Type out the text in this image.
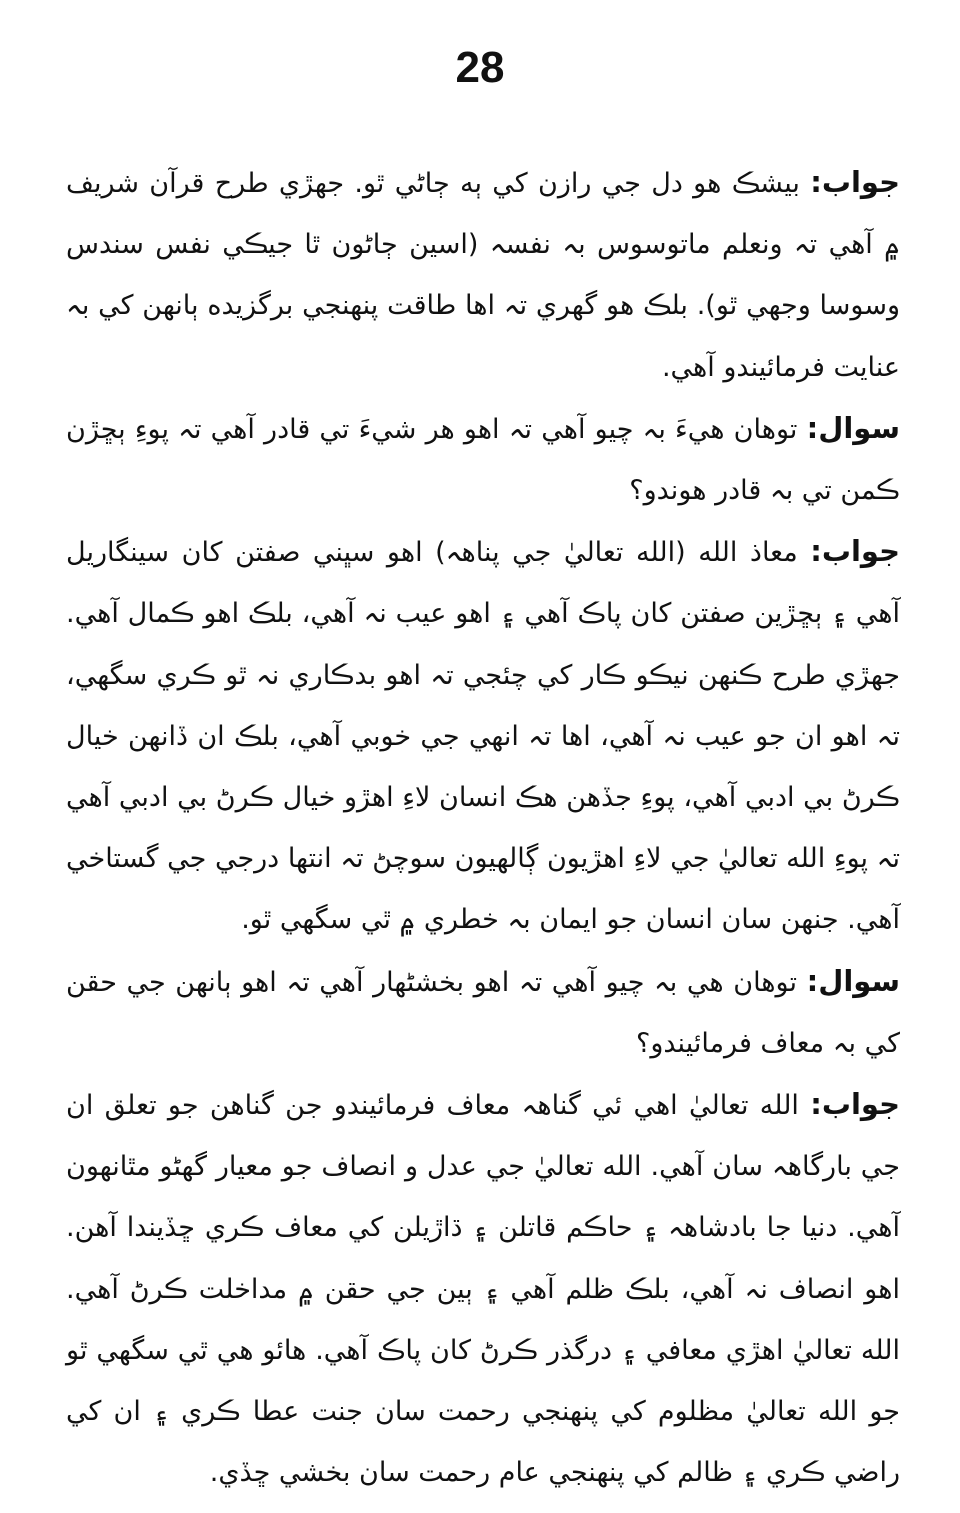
28

جواب: بيشڪ هو دل جي رازن کي ٻه ڄاڻي ٿو. جهڙي طرح قرآن شريف ۾ آهي تہ ونعلم ماتوسوس بہ نفسہ (اسين ڄاڻون ٿا جيڪي نفس سندس وسوسا وجهي ٿو). بلڪ هو گهري تہ اها طاقت پنهنجي برگزيده ٻانهن کي بہ عنايت فرمائيندو آهي.

سوال: توهان هيءَ بہ چيو آهي تہ اهو هر شيءَ تي قادر آهي تہ پوءِ ٻڇڙن ڪمن تي بہ قادر هوندو؟

جواب: معاذ الله (الله تعاليٰ جي پناهہ) اهو سڀني صفتن کان سينگاريل آهي ۽ ٻڇڙين صفتن کان پاڪ آهي ۽ اهو عيب نہ آهي، بلڪ اهو ڪمال آهي. جهڙي طرح ڪنهن نيڪو ڪار کي چئجي تہ اهو بدڪاري نہ ٿو ڪري سگهي، تہ اهو ان جو عيب نہ آهي، اها تہ انهي جي خوبي آهي، بلڪ ان ڏانهن خيال ڪرڻ بي ادبي آهي، پوءِ جڏهن هڪ انسان لاءِ اهڙو خيال ڪرڻ بي ادبي آهي تہ پوءِ الله تعاليٰ جي لاءِ اهڙيون ڳالهيون سوچڻ تہ انتها درجي جي گستاخي آهي. جنهن سان انسان جو ايمان بہ خطري ۾ ٿي سگهي ٿو.

سوال: توهان هي بہ چيو آهي تہ اهو بخشڻهار آهي تہ اهو ٻانهن جي حقن کي بہ معاف فرمائيندو؟

جواب: الله تعاليٰ اهي ئي گناهہ معاف فرمائيندو جن گناهن جو تعلق ان جي بارگاهہ سان آهي. الله تعاليٰ جي عدل و انصاف جو معيار گهڻو مٿانهون آهي. دنيا جا بادشاهہ ۽ حاڪم قاتلن ۽ ڌاڙيلن کي معاف ڪري ڇڏيندا آهن. اهو انصاف نہ آهي، بلڪ ظلم آهي ۽ ٻين جي حقن ۾ مداخلت ڪرڻ آهي. الله تعاليٰ اهڙي معافي ۽ درگذر ڪرڻ کان پاڪ آهي. هائو هي ٿي سگهي ٿو جو الله تعاليٰ مظلوم کي پنهنجي رحمت سان جنت عطا ڪري ۽ ان کي راضي ڪري ۽ ظالم کي پنهنجي عام رحمت سان بخشي ڇڏي.
